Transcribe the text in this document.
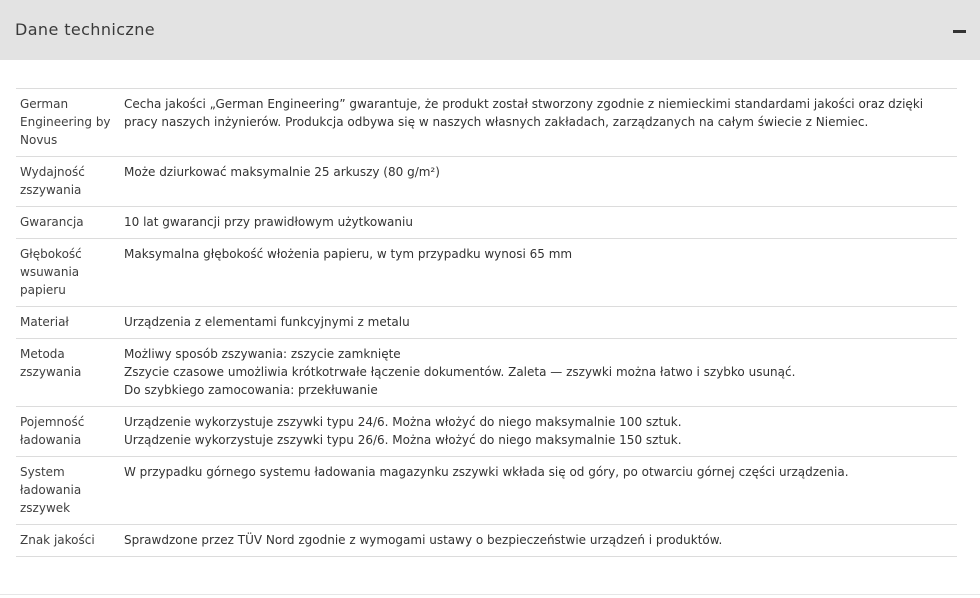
Dane techniczne
German Engineering by Novus	Cecha jakości „German Engineering” gwarantuje, że produkt został stworzony zgodnie z niemieckimi standardami jakości oraz dzięki pracy naszych inżynierów. Produkcja odbywa się w naszych własnych zakładach, zarządzanych na całym świecie z Niemiec.

Wydajność zszywania	Może dziurkować maksymalnie 25 arkuszy (80 g/m²)

Gwarancja	10 lat gwarancji przy prawidłowym użytkowaniu

Głębokość wsuwania papieru	Maksymalna głębokość włożenia papieru, w tym przypadku wynosi 65 mm

Materiał	Urządzenia z elementami funkcyjnymi z metalu

Metoda zszywania	Możliwy sposób zszywania: zszycie zamknięte
Zszycie czasowe umożliwia krótkotrwałe łączenie dokumentów. Zaleta — zszywki można łatwo i szybko usunąć.
Do szybkiego zamocowania: przekłuwanie

Pojemność ładowania	Urządzenie wykorzystuje zszywki typu 24/6. Można włożyć do niego maksymalnie 100 sztuk.
Urządzenie wykorzystuje zszywki typu 26/6. Można włożyć do niego maksymalnie 150 sztuk.

System ładowania zszywek	W przypadku górnego systemu ładowania magazynku zszywki wkłada się od góry, po otwarciu górnej części urządzenia.

Znak jakości	Sprawdzone przez TÜV Nord zgodnie z wymogami ustawy o bezpieczeństwie urządzeń i produktów.
